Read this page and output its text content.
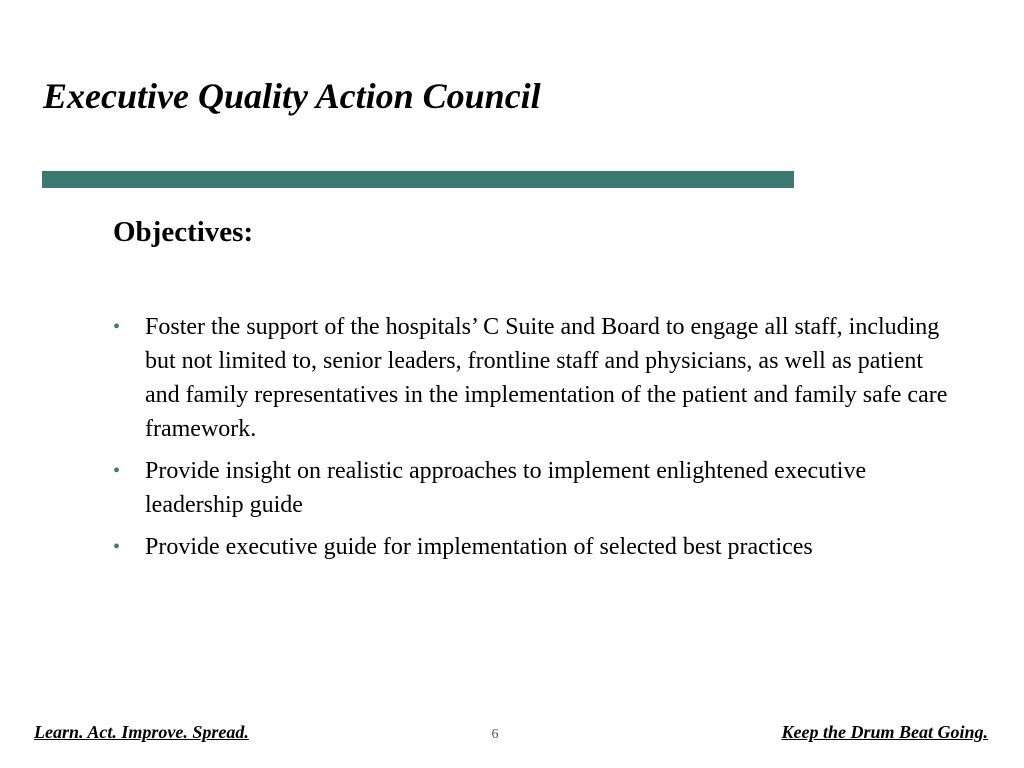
Executive Quality Action Council
Objectives:
•	Foster the support of the hospitals’ C Suite and Board to engage all staff, including but not limited to, senior leaders, frontline staff and physicians, as well as patient and family representatives in the implementation of the patient and family safe care framework.
•	Provide insight on realistic approaches to implement enlightened executive leadership guide
•	Provide executive guide for implementation of selected best practices
Learn. Act. Improve. Spread.	6	Keep the Drum Beat Going.
